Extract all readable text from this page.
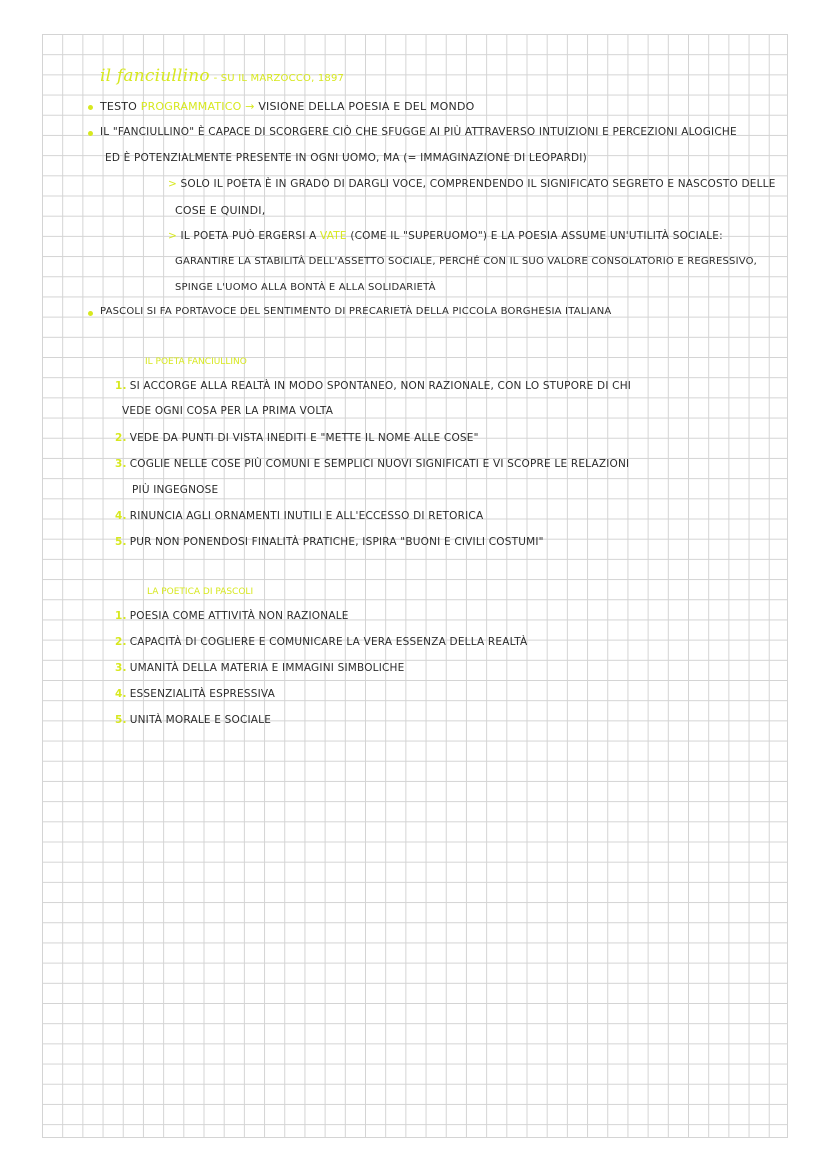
il fanciullino - SU IL MARZOCCO, 1897
TESTO PROGRAMMATICO → VISIONE DELLA POESIA E DEL MONDO
IL "FANCIULLINO" È CAPACE DI SCORGERE CIÒ CHE SFUGGE AI PIÙ ATTRAVERSO INTUIZIONI E PERCEZIONI ALOGICHE
ED È POTENZIALMENTE PRESENTE IN OGNI UOMO, MA (= IMMAGINAZIONE DI LEOPARDI)
> SOLO IL POETA È IN GRADO DI DARGLI VOCE, COMPRENDENDO IL SIGNIFICATO SEGRETO E NASCOSTO DELLE
COSE E QUINDI,
> IL POETA PUÒ ERGERSI A VATE (COME IL "SUPERUOMO") E LA POESIA ASSUME UN'UTILITÀ SOCIALE:
GARANTIRE LA STABILITÀ DELL'ASSETTO SOCIALE, PERCHÉ CON IL SUO VALORE CONSOLATORIO E REGRESSIVO,
SPINGE L'UOMO ALLA BONTÀ E ALLA SOLIDARIETÀ
PASCOLI SI FA PORTAVOCE DEL SENTIMENTO DI PRECARIETÀ DELLA PICCOLA BORGHESIA ITALIANA
IL POETA FANCIULLINO
1. SI ACCORGE ALLA REALTÀ IN MODO SPONTANEO, NON RAZIONALE, CON LO STUPORE DI CHI
VEDE OGNI COSA PER LA PRIMA VOLTA
2. VEDE DA PUNTI DI VISTA INEDITI E "METTE IL NOME ALLE COSE"
3. COGLIE NELLE COSE PIÙ COMUNI E SEMPLICI NUOVI SIGNIFICATI E VI SCOPRE LE RELAZIONI
PIÙ INGEGNOSE
4. RINUNCIA AGLI ORNAMENTI INUTILI E ALL'ECCESSO DI RETORICA
5. PUR NON PONENDOSI FINALITÀ PRATICHE, ISPIRA "BUONI E CIVILI COSTUMI"
LA POETICA DI PASCOLI
1. POESIA COME ATTIVITÀ NON RAZIONALE
2. CAPACITÀ DI COGLIERE E COMUNICARE LA VERA ESSENZA DELLA REALTÀ
3. UMANITÀ DELLA MATERIA E IMMAGINI SIMBOLICHE
4. ESSENZIALITÀ ESPRESSIVA
5. UNITÀ MORALE E SOCIALE
